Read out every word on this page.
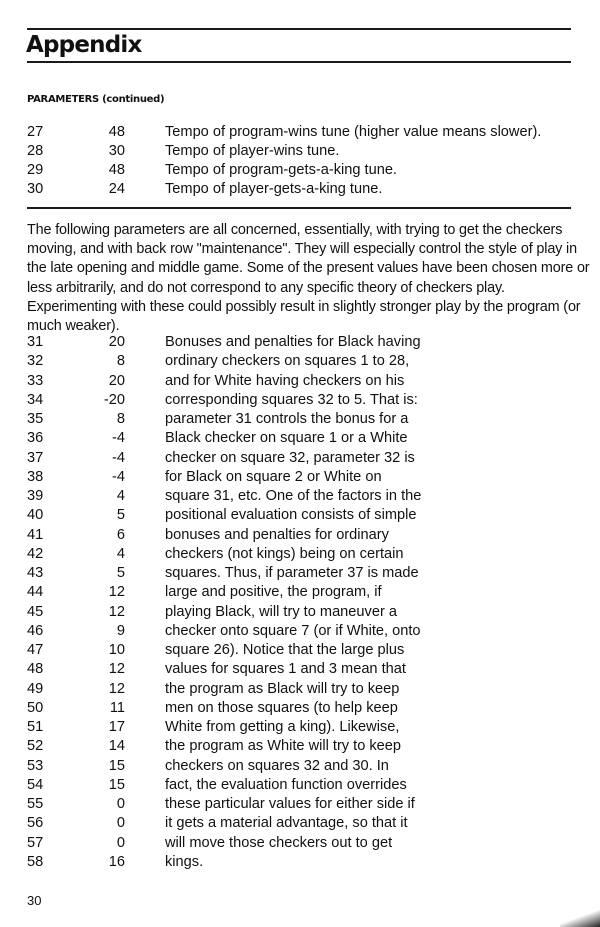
Appendix
PARAMETERS (continued)
27	48	Tempo of program-wins tune (higher value means slower).
28	30	Tempo of player-wins tune.
29	48	Tempo of program-gets-a-king tune.
30	24	Tempo of player-gets-a-king tune.
The following parameters are all concerned, essentially, with trying to get the checkers
moving, and with back row "maintenance". They will especially control the style of play in
the late opening and middle game. Some of the present values have been chosen more or
less arbitrarily, and do not correspond to any specific theory of checkers play.
Experimenting with these could possibly result in slightly stronger play by the program (or
much weaker).
31	20	Bonuses and penalties for Black having
32	8	ordinary checkers on squares 1 to 28,
33	20	and for White having checkers on his
34	-20	corresponding squares 32 to 5. That is:
35	8	parameter 31 controls the bonus for a
36	-4	Black checker on square 1 or a White
37	-4	checker on square 32, parameter 32 is
38	-4	for Black on square 2 or White on
39	4	square 31, etc. One of the factors in the
40	5	positional evaluation consists of simple
41	6	bonuses and penalties for ordinary
42	4	checkers (not kings) being on certain
43	5	squares. Thus, if parameter 37 is made
44	12	large and positive, the program, if
45	12	playing Black, will try to maneuver a
46	9	checker onto square 7 (or if White, onto
47	10	square 26). Notice that the large plus
48	12	values for squares 1 and 3 mean that
49	12	the program as Black will try to keep
50	11	men on those squares (to help keep
51	17	White from getting a king). Likewise,
52	14	the program as White will try to keep
53	15	checkers on squares 32 and 30. In
54	15	fact, the evaluation function overrides
55	0	these particular values for either side if
56	0	it gets a material advantage, so that it
57	0	will move those checkers out to get
58	16	kings.
30
